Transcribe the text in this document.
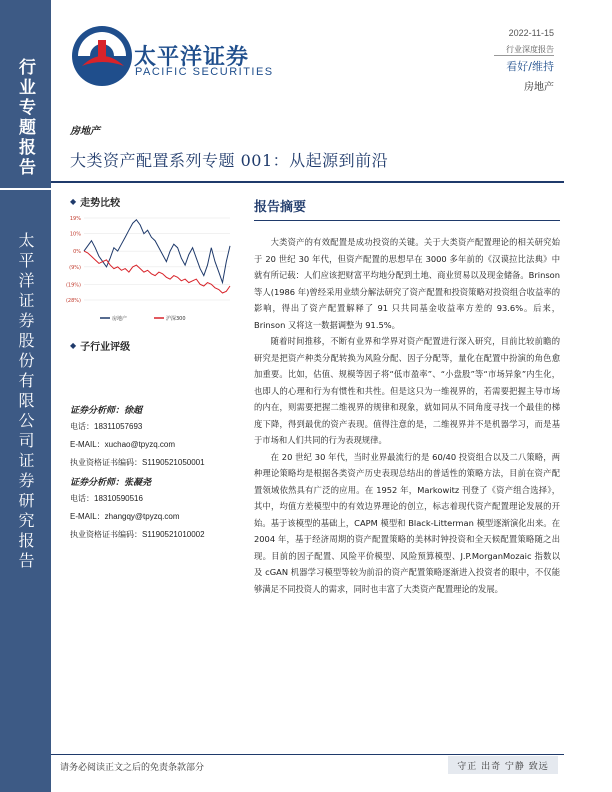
行业专题报告
太平洋证券股份有限公司证券研究报告
太平洋证券
PACIFIC SECURITIES
2022-11-15
行业深度报告
看好/维持
房地产
房地产
大类资产配置系列专题 001：从起源到前沿
◆ 走势比较
19%
10%
0%
(9%)
(19%)
(28%)
房地产	沪深300
◆ 子行业评级
证券分析师：徐超
电话：18311057693
E-MAIL：xuchao@tpyzq.com
执业资格证书编码：S1190521050001
证券分析师：张凝尧
电话：18310590516
E-MAIL：zhangqy@tpyzq.com
执业资格证书编码：S1190521010002
报告摘要

大类资产的有效配置是成功投资的关键。关于大类资产配置理论的相关研究始于 20 世纪 30 年代，但资产配置的思想早在 3000 多年前的《汉谟拉比法典》中就有所记载：人们应该把财富平均地分配到土地、商业贸易以及现金储备。Brinson 等人(1986 年)曾经采用业绩分解法研究了资产配置和投资策略对投资组合收益率的影响，得出了资产配置解释了 91 只共同基金收益率方差的 93.6%。后来，Brinson 又将这一数据调整为 91.5%。

随着时间推移，不断有业界和学界对资产配置进行深入研究，目前比较前瞻的研究是把资产种类分配转换为风险分配、因子分配等，量化在配置中扮演的角色愈加重要。比如，估值、规模等因子将“低市盈率”、“小盘股”等“市场异象”内生化，也即人的心理和行为有惯性和共性。但是这只为一维视界的，若需要把握主导市场的内在，则需要把握二维视界的规律和现象，就如同从不同角度寻找一个最佳的梯度下降，得到最优的资产表现。值得注意的是，二维视界并不是机器学习，而是基于市场和人们共同的行为表现规律。

在 20 世纪 30 年代，当时业界最流行的是 60/40 投资组合以及二八策略，两种理论策略均是根据各类资产历史表现总结出的普适性的策略方法，目前在资产配置领域依然具有广泛的应用。在 1952 年，Markowitz 刊登了《资产组合选择》，其中，均值方差模型中的有效边界理论的创立，标志着现代资产配置理论发展的开始。基于该模型的基础上，CAPM 模型和 Black-Litterman 模型逐渐演化出来。在 2004 年，基于经济周期的资产配置策略的美林时钟投资和全天候配置策略随之出现。目前的因子配置、风险平价模型、风险预算模型、J.P.MorganMozaic 指数以及 cGAN 机器学习模型等较为前沿的资产配置策略逐渐进入投资者的眼中，不仅能够满足不同投资人的需求，同时也丰富了大类资产配置理论的发展。

请务必阅读正文之后的免责条款部分	守正 出奇 宁静 致远
